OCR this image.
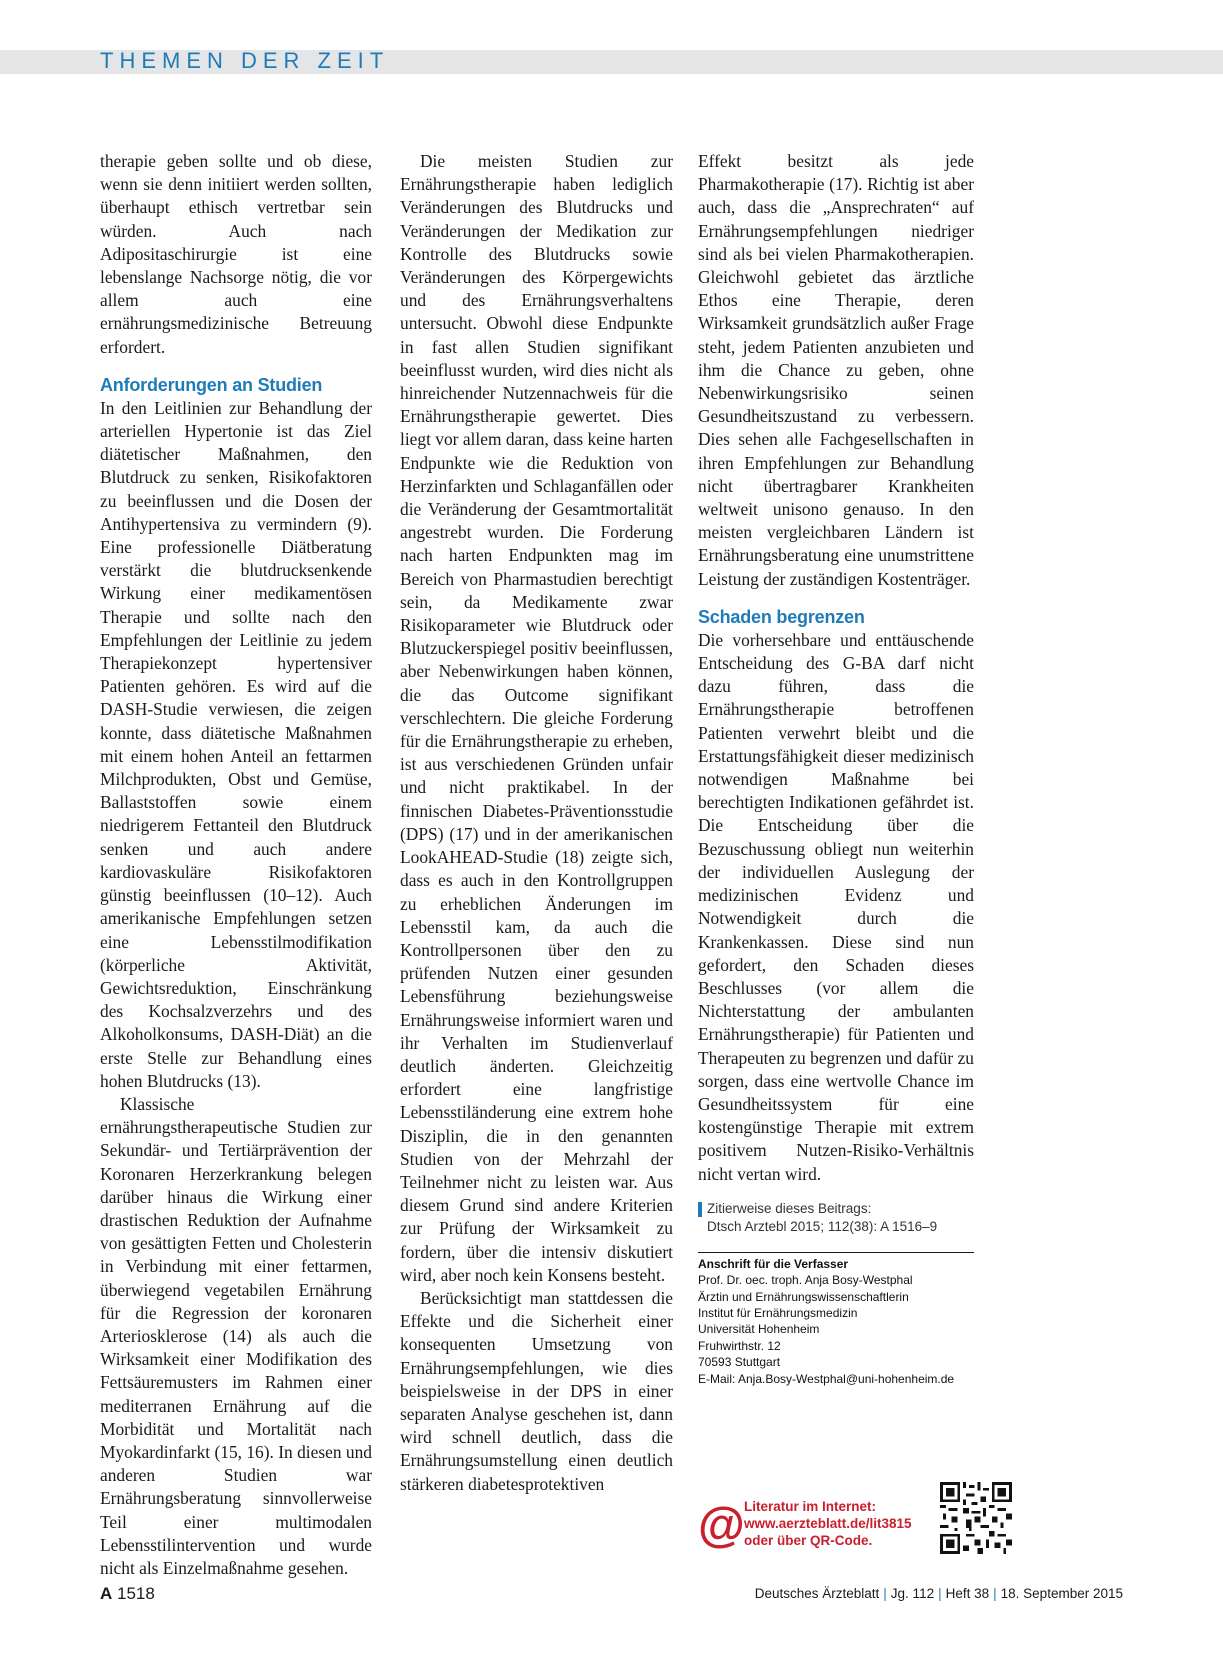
THEMEN DER ZEIT

therapie geben sollte und ob diese, wenn sie denn initiiert werden sollten, überhaupt ethisch vertretbar sein würden. Auch nach Adipositaschirurgie ist eine lebenslange Nachsorge nötig, die vor allem auch eine ernährungsmedizinische Betreuung erfordert.

Anforderungen an Studien

In den Leitlinien zur Behandlung der arteriellen Hypertonie ist das Ziel diätetischer Maßnahmen, den Blutdruck zu senken, Risikofaktoren zu beeinflussen und die Dosen der Antihypertensiva zu vermindern (9). Eine professionelle Diätberatung verstärkt die blutdrucksenkende Wirkung einer medikamentösen Therapie und sollte nach den Empfehlungen der Leitlinie zu jedem Therapiekonzept hypertensiver Patienten gehören. Es wird auf die DASH-Studie verwiesen, die zeigen konnte, dass diätetische Maßnahmen mit einem hohen Anteil an fettarmen Milchprodukten, Obst und Gemüse, Ballaststoffen sowie einem niedrigerem Fettanteil den Blutdruck senken und auch andere kardiovaskuläre Risikofaktoren günstig beeinflussen (10–12). Auch amerikanische Empfehlungen setzen eine Lebensstilmodifikation (körperliche Aktivität, Gewichtsreduktion, Einschränkung des Kochsalzverzehrs und des Alkoholkonsums, DASH-Diät) an die erste Stelle zur Behandlung eines hohen Blutdrucks (13).

Klassische ernährungstherapeutische Studien zur Sekundär- und Tertiärprävention der Koronaren Herzerkrankung belegen darüber hinaus die Wirkung einer drastischen Reduktion der Aufnahme von gesättigten Fetten und Cholesterin in Verbindung mit einer fettarmen, überwiegend vegetabilen Ernährung für die Regression der koronaren Arteriosklerose (14) als auch die Wirksamkeit einer Modifikation des Fettsäuremusters im Rahmen einer mediterranen Ernährung auf die Morbidität und Mortalität nach Myokardinfarkt (15, 16). In diesen und anderen Studien war Ernährungsberatung sinnvollerweise Teil einer multimodalen Lebensstilintervention und wurde nicht als Einzelmaßnahme gesehen.

Die meisten Studien zur Ernährungstherapie haben lediglich Veränderungen des Blutdrucks und Veränderungen der Medikation zur Kontrolle des Blutdrucks sowie Veränderungen des Körpergewichts und des Ernährungsverhaltens untersucht. Obwohl diese Endpunkte in fast allen Studien signifikant beeinflusst wurden, wird dies nicht als hinreichender Nutzennachweis für die Ernährungstherapie gewertet. Dies liegt vor allem daran, dass keine harten Endpunkte wie die Reduktion von Herzinfarkten und Schlaganfällen oder die Veränderung der Gesamtmortalität angestrebt wurden. Die Forderung nach harten Endpunkten mag im Bereich von Pharmastudien berechtigt sein, da Medikamente zwar Risikoparameter wie Blutdruck oder Blutzuckerspiegel positiv beeinflussen, aber Nebenwirkungen haben können, die das Outcome signifikant verschlechtern. Die gleiche Forderung für die Ernährungstherapie zu erheben, ist aus verschiedenen Gründen unfair und nicht praktikabel. In der finnischen Diabetes-Präventionsstudie (DPS) (17) und in der amerikanischen LookAHEAD-Studie (18) zeigte sich, dass es auch in den Kontrollgruppen zu erheblichen Änderungen im Lebensstil kam, da auch die Kontrollpersonen über den zu prüfenden Nutzen einer gesunden Lebensführung beziehungsweise Ernährungsweise informiert waren und ihr Verhalten im Studienverlauf deutlich änderten. Gleichzeitig erfordert eine langfristige Lebensstiländerung eine extrem hohe Disziplin, die in den genannten Studien von der Mehrzahl der Teilnehmer nicht zu leisten war. Aus diesem Grund sind andere Kriterien zur Prüfung der Wirksamkeit zu fordern, über die intensiv diskutiert wird, aber noch kein Konsens besteht.

Berücksichtigt man stattdessen die Effekte und die Sicherheit einer konsequenten Umsetzung von Ernährungsempfehlungen, wie dies beispielsweise in der DPS in einer separaten Analyse geschehen ist, dann wird schnell deutlich, dass die Ernährungsumstellung einen deutlich stärkeren diabetesprotektiven

Effekt besitzt als jede Pharmakotherapie (17). Richtig ist aber auch, dass die „Ansprechraten“ auf Ernährungsempfehlungen niedriger sind als bei vielen Pharmakotherapien. Gleichwohl gebietet das ärztliche Ethos eine Therapie, deren Wirksamkeit grundsätzlich außer Frage steht, jedem Patienten anzubieten und ihm die Chance zu geben, ohne Nebenwirkungsrisiko seinen Gesundheitszustand zu verbessern. Dies sehen alle Fachgesellschaften in ihren Empfehlungen zur Behandlung nicht übertragbarer Krankheiten weltweit unisono genauso. In den meisten vergleichbaren Ländern ist Ernährungsberatung eine unumstrittene Leistung der zuständigen Kostenträger.

Schaden begrenzen

Die vorhersehbare und enttäuschende Entscheidung des G-BA darf nicht dazu führen, dass die Ernährungstherapie betroffenen Patienten verwehrt bleibt und die Erstattungsfähigkeit dieser medizinisch notwendigen Maßnahme bei berechtigten Indikationen gefährdet ist. Die Entscheidung über die Bezuschussung obliegt nun weiterhin der individuellen Auslegung der medizinischen Evidenz und Notwendigkeit durch die Krankenkassen. Diese sind nun gefordert, den Schaden dieses Beschlusses (vor allem die Nichterstattung der ambulanten Ernährungstherapie) für Patienten und Therapeuten zu begrenzen und dafür zu sorgen, dass eine wertvolle Chance im Gesundheitssystem für eine kostengünstige Therapie mit extrem positivem Nutzen-Risiko-Verhältnis nicht vertan wird.

Zitierweise dieses Beitrags:
Dtsch Arztebl 2015; 112(38): A 1516–9
Anschrift für die Verfasser
Prof. Dr. oec. troph. Anja Bosy-Westphal
Ärztin und Ernährungswissenschaftlerin
Institut für Ernährungsmedizin
Universität Hohenheim
Fruhwirthstr. 12
70593 Stuttgart
E-Mail: Anja.Bosy-Westphal@uni-hohenheim.de
@ Literatur im Internet:
www.aerzteblatt.de/lit3815
oder über QR-Code.
A 1518	Deutsches Ärzteblatt | Jg. 112 | Heft 38 | 18. September 2015
